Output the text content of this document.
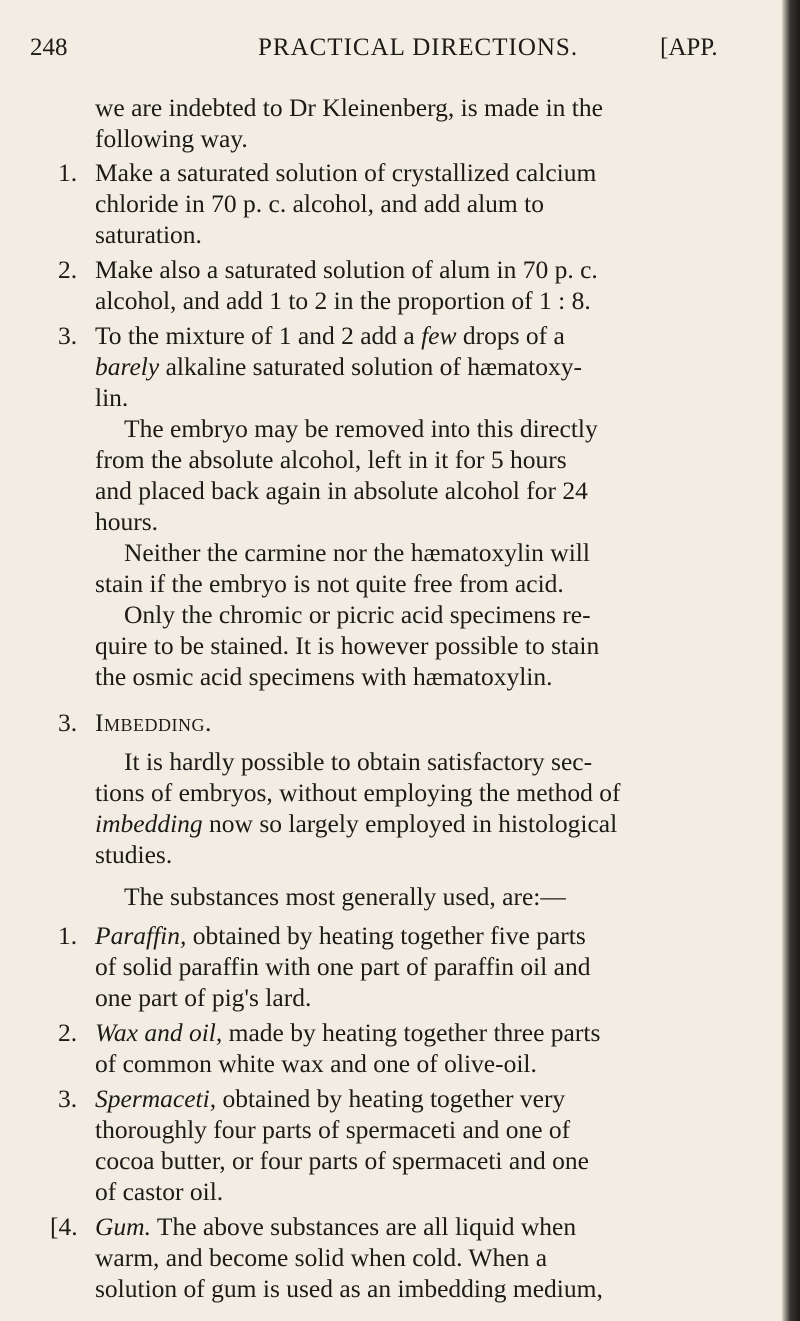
248	PRACTICAL DIRECTIONS.	[APP.
we are indebted to Dr Kleinenberg, is made in the
following way.
1. Make a saturated solution of crystallized calcium
chloride in 70 p. c. alcohol, and add alum to
saturation.
2. Make also a saturated solution of alum in 70 p. c.
alcohol, and add 1 to 2 in the proportion of 1 : 8.
3. To the mixture of 1 and 2 add a few drops of a
barely alkaline saturated solution of hæmatoxy-
lin.
The embryo may be removed into this directly
from the absolute alcohol, left in it for 5 hours
and placed back again in absolute alcohol for 24
hours.
Neither the carmine nor the hæmatoxylin will
stain if the embryo is not quite free from acid.
Only the chromic or picric acid specimens re-
quire to be stained. It is however possible to stain
the osmic acid specimens with hæmatoxylin.
3. Imbedding.
It is hardly possible to obtain satisfactory sec-
tions of embryos, without employing the method of
imbedding now so largely employed in histological
studies.
The substances most generally used, are:—
1. Paraffin, obtained by heating together five parts
of solid paraffin with one part of paraffin oil and
one part of pig's lard.
2. Wax and oil, made by heating together three parts
of common white wax and one of olive-oil.
3. Spermaceti, obtained by heating together very
thoroughly four parts of spermaceti and one of
cocoa butter, or four parts of spermaceti and one
of castor oil.
[4. Gum. The above substances are all liquid when
warm, and become solid when cold. When a
solution of gum is used as an imbedding medium,
